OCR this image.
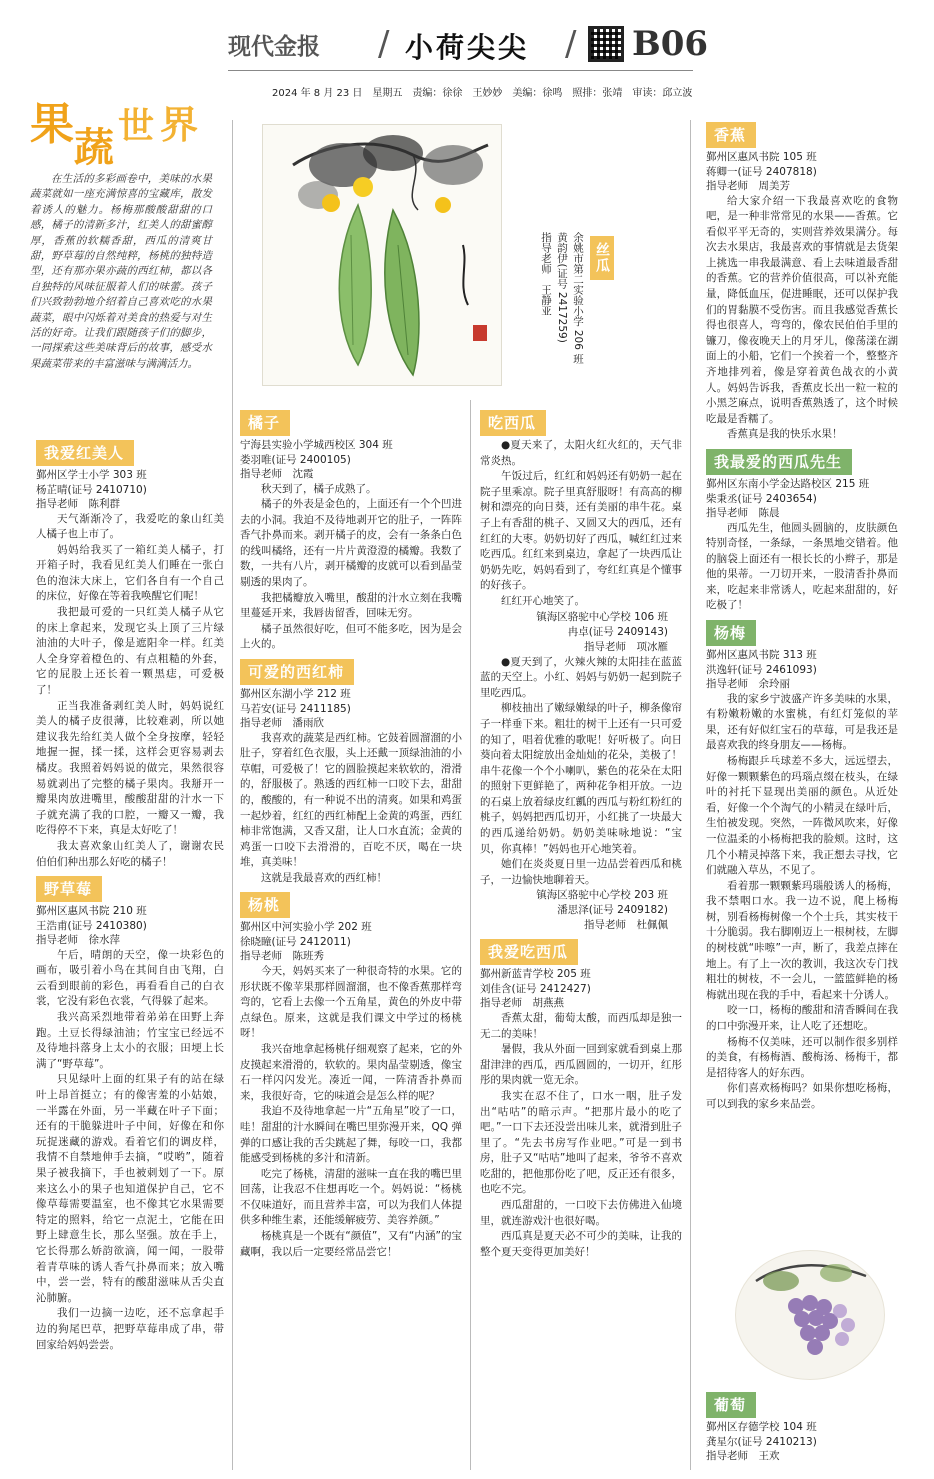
现代金报 / 小荷尖尖 / B06
2024 年 8 月 23 日　星期五　责编：徐徐　王妙妙　美编：徐鸣　照排：张靖　审读：邱立波
果 蔬 世 界
在生活的多彩画卷中，美味的水果蔬菜就如一座充满惊喜的宝藏库，散发着诱人的魅力。杨梅那酸酸甜甜的口感，橘子的清新多汁，红美人的甜蜜醇厚，香蕉的软糯香甜，西瓜的清爽甘甜，野草莓的自然纯粹，杨桃的独特造型，还有那亦果亦蔬的西红柿，都以各自独特的风味征服着人们的味蕾。孩子们兴致勃勃地介绍着自己喜欢吃的水果蔬菜，眼中闪烁着对美食的热爱与对生活的好奇。让我们跟随孩子们的脚步，一同探索这些美味背后的故事，感受水果蔬菜带来的丰富滋味与满满活力。
我爱红美人
鄞州区学士小学 303 班
杨芷晴(证号 2410710)
指导老师　陈利群

天气渐渐冷了，我爱吃的象山红美人橘子也上市了。

妈妈给我买了一箱红美人橘子，打开箱子时，我看见红美人们睡在一张白色的泡沫大床上，它们各自有一个自己的床位，好像在等着我唤醒它们呢！

我把最可爱的一只红美人橘子从它的床上拿起来，发现它头上顶了三片绿油油的大叶子，像是遮阳伞一样。红美人全身穿着橙色的、有点粗糙的外套，它的屁股上还长着一颗黑痣，可爱极了！

正当我准备剥红美人时，妈妈说红美人的橘子皮很薄，比较难剥，所以她建议我先给红美人做个全身按摩，轻轻地握一握，揉一揉，这样会更容易剥去橘皮。我照着妈妈说的做完，果然很容易就剥出了完整的橘子果肉。我掰开一瓣果肉放进嘴里，酸酸甜甜的汁水一下子就充满了我的口腔，一瓣又一瓣，我吃得停不下来，真是太好吃了！

我太喜欢象山红美人了，谢谢农民伯伯们种出那么好吃的橘子！

野草莓
鄞州区惠风书院 210 班
王浩甫(证号 2410380)
指导老师　徐水萍

午后，晴朗的天空，像一块彩色的画布，吸引着小鸟在其间自由飞翔，白云看到眼前的彩色，再看看自己的白衣裳，它没有彩色衣裳，气得躲了起来。

我兴高采烈地带着弟弟在田野上奔跑。土豆长得绿油油；竹宝宝已经远不及待地抖落身上太小的衣服；田埂上长满了“野草莓”。

只见绿叶上面的红果子有的站在绿叶上昂首挺立；有的像害羞的小姑娘，一半露在外面，另一半藏在叶子下面；还有的干脆躲进叶子中间，好像在和你玩捉迷藏的游戏。看着它们的调皮样，我情不自禁地伸手去摘，“哎哟”，随着果子被我摘下，手也被刺划了一下。原来这么小的果子也知道保护自己，它不像草莓需要温室，也不像其它水果需要特定的照料，给它一点泥土，它能在田野上肆意生长，那么坚强。放在手上，它长得那么娇韵欲滴，闻一闻，一股带着青草味的诱人香气扑鼻而来；放入嘴中，尝一尝，特有的酸甜滋味从舌尖直沁肺腑。

我们一边摘一边吃，还不忘拿起手边的狗尾巴草，把野草莓串成了串，带回家给妈妈尝尝。

丝瓜
余姚市第二实验小学 206 班
黄韵伊(证号 2417259)
指导老师　王静亚
橘子
宁海县实验小学城西校区 304 班
娄羽唯(证号 2400105)
指导老师　沈霞

秋天到了，橘子成熟了。

橘子的外表是金色的，上面还有一个个凹进去的小洞。我迫不及待地剥开它的肚子，一阵阵香气扑鼻而来。剥开橘子的皮，会有一条条白色的线叫橘络，还有一片片黄澄澄的橘瓣。我数了数，一共有八片，剥开橘瓣的皮就可以看到晶莹剔透的果肉了。

我把橘瓣放入嘴里，酸甜的汁水立刻在我嘴里蔓延开来，我唇齿留香，回味无穷。

橘子虽然很好吃，但可不能多吃，因为是会上火的。

可爱的西红柿
鄞州区东湖小学 212 班
马若安(证号 2411185)
指导老师　潘雨欣

我喜欢的蔬菜是西红柿。它鼓着圆溜溜的小肚子，穿着红色衣服，头上还戴一顶绿油油的小草帽，可爱极了！它的圆脸摸起来软软的，滑滑的，舒服极了。熟透的西红柿一口咬下去，甜甜的，酸酸的，有一种说不出的清爽。如果和鸡蛋一起炒着，红红的西红柿配上金黄的鸡蛋，西红柿非常饱满，又香又甜，让人口水直流；金黄的鸡蛋一口咬下去滑滑的，百吃不厌，喝在一块堆，真美味！

这就是我最喜欢的西红柿！

杨桃
鄞州区中河实验小学 202 班
徐晓瞳(证号 2412011)
指导老师　陈班秀

今天，妈妈买来了一种很奇特的水果。它的形状既不像苹果那样圆溜溜，也不像香蕉那样弯弯的，它看上去像一个五角星，黄色的外皮中带点绿色。原来，这就是我们课文中学过的杨桃呀！

我兴奋地拿起杨桃仔细观察了起来，它的外皮摸起来滑滑的，软软的。果肉晶莹剔透，像宝石一样闪闪发光。凑近一闻，一阵清香扑鼻而来，我很好奇，它的味道会是怎么样的呢？

我迫不及待地拿起一片“五角星”咬了一口，哇！甜甜的汁水瞬间在嘴巴里弥漫开来，QQ 弹弹的口感让我的舌尖跳起了舞，每咬一口，我都能感受到杨桃的多汁和清新。

吃完了杨桃，清甜的滋味一直在我的嘴巴里回荡，让我忍不住想再吃一个。妈妈说：“杨桃不仅味道好，而且营养丰富，可以为我们人体提供多种维生素，还能缓解疲劳、美容养颜。”

杨桃真是一个既有“颜值”，又有“内涵”的宝藏啊，我以后一定要经常品尝它！

吃西瓜

●夏天来了，太阳火红火红的，天气非常炎热。

午饭过后，红红和妈妈还有奶奶一起在院子里乘凉。院子里真舒服呀！有高高的柳树和漂亮的向日葵，还有美丽的串牛花。桌子上有香甜的桃子、又圆又大的西瓜，还有红红的大枣。奶奶切好了西瓜，喊红红过来吃西瓜。红红来到桌边，拿起了一块西瓜让奶奶先吃，妈妈看到了，夸红红真是个懂事的好孩子。

红红开心地笑了。

镇海区骆驼中心学校 106 班
冉卓(证号 2409143)
指导老师　项冰雁

●夏天到了，火辣火辣的太阳挂在蓝蓝蓝的天空上。小红、妈妈与奶奶一起到院子里吃西瓜。

柳枝抽出了嫩绿嫩绿的叶子，柳条像帘子一样垂下来。粗壮的树干上还有一只可爱的知了，唱着优雅的歌呢！好听极了。向日葵向着太阳绽放出金灿灿的花朵，美极了！串牛花像一个个小喇叭，紫色的花朵在太阳的照射下更鲜艳了，两种花争相开放。一边的石桌上放着绿皮红瓤的西瓜与粉红粉红的桃子，妈妈把西瓜切开，小红挑了一块最大的西瓜递给奶奶。奶奶美味咏地说：“宝贝，你真棒！”妈妈也开心地笑着。

她们在炎炎夏日里一边品尝着西瓜和桃子，一边愉快地聊着天。

镇海区骆驼中心学校 203 班
潘思泽(证号 2409182)
指导老师　杜佩佩
我爱吃西瓜
鄞州新蓝青学校 205 班
刘佳含(证号 2412427)
指导老师　胡燕燕

香蕉太甜，葡萄太酸，而西瓜却是独一无二的美味！

暑假，我从外面一回到家就看到桌上那甜津津的西瓜，西瓜圆圆的，一切开，红彤彤的果肉就一览无余。

我实在忍不住了，口水一咽，肚子发出“咕咕”的暗示声。“把那片最小的吃了吧。”一口下去还没尝出味儿来，就滑到肚子里了。“先去书房写作业吧。”可是一到书房，肚子又“咕咕”地叫了起来，爷爷不喜欢吃甜的，把他那份吃了吧，反正还有很多，也吃不完。

西瓜甜甜的，一口咬下去仿佛进入仙境里，就连游戏汁也很好喝。

西瓜真是夏天必不可少的美味，让我的整个夏天变得更加美好！

香蕉
鄞州区惠风书院 105 班
蒋卿一(证号 2407818)
指导老师　周美芳

给大家介绍一下我最喜欢吃的食物吧，是一种非常常见的水果——香蕉。它看似平平无奇的，实则营养效果满分。每次去水果店，我最喜欢的事情就是去货架上挑选一串我最满意、看上去味道最香甜的香蕉。它的营养价值很高，可以补充能量，降低血压，促进睡眠，还可以保护我们的胃黏膜不受伤害。而且我感觉香蕉长得也很喜人，弯弯的，像农民伯伯手里的镰刀，像夜晚天上的月牙儿，像荡漾在湖面上的小船，它们一个挨着一个，整整齐齐地排列着，像是穿着黄色战衣的小黄人。妈妈告诉我，香蕉皮长出一粒一粒的小黑芝麻点，说明香蕉熟透了，这个时候吃最是香糯了。

香蕉真是我的快乐水果！

我最爱的西瓜先生
鄞州区东南小学金达路校区 215 班
柴秉丞(证号 2403654)
指导老师　陈晨

西瓜先生，他圆头圆脑的，皮肤颜色特别奇怪，一条绿，一条黑地交错着。他的脑袋上面还有一根长长的小辫子，那是他的果蒂。一刀切开来，一股清香扑鼻而来，吃起来非常诱人，吃起来甜甜的，好吃极了！

杨梅
鄞州区惠风书院 313 班
洪逸轩(证号 2461093)
指导老师　余玲丽

我的家乡宁波盛产许多美味的水果，有粉嫩粉嫩的水蜜桃，有红灯笼似的苹果，还有好似红宝石的草莓，可是我还是最喜欢我的终身朋友——杨梅。

杨梅跟乒乓球差不多大，远远望去，好像一颗颗紫色的玛瑙点缀在枝头，在绿叶的衬托下显现出美丽的颜色。从近处看，好像一个个淘气的小精灵在绿叶后，生怕被发现。突然，一阵微风吹来，好像一位温柔的小杨梅把我的脸颊。这时，这几个小精灵掉落下来，我正想去寻找，它们就融入草丛，不见了。

看着那一颗颗紫玛瑙般诱人的杨梅，我不禁咽口水。我一边不说，爬上杨梅树，别看杨梅树像一个个士兵，其实枝干十分脆弱。我右脚刚迈上一根树枝，左脚的树枝就“咔嚓”一声，断了，我差点摔在地上。有了上一次的教训，我这次专门找粗壮的树枝，不一会儿，一篮篮鲜艳的杨梅就出现在我的手中，看起来十分诱人。

咬一口，杨梅的酸甜和清香瞬间在我的口中弥漫开来，让人吃了还想吃。

杨梅不仅美味，还可以制作很多别样的美食，有杨梅酒、酸梅汤、杨梅干，都是招待客人的好东西。

你们喜欢杨梅吗？如果你想吃杨梅，可以到我的家乡来品尝。

葡萄
鄞州区存德学校 104 班
龚星尔(证号 2410213)
指导老师　王欢
